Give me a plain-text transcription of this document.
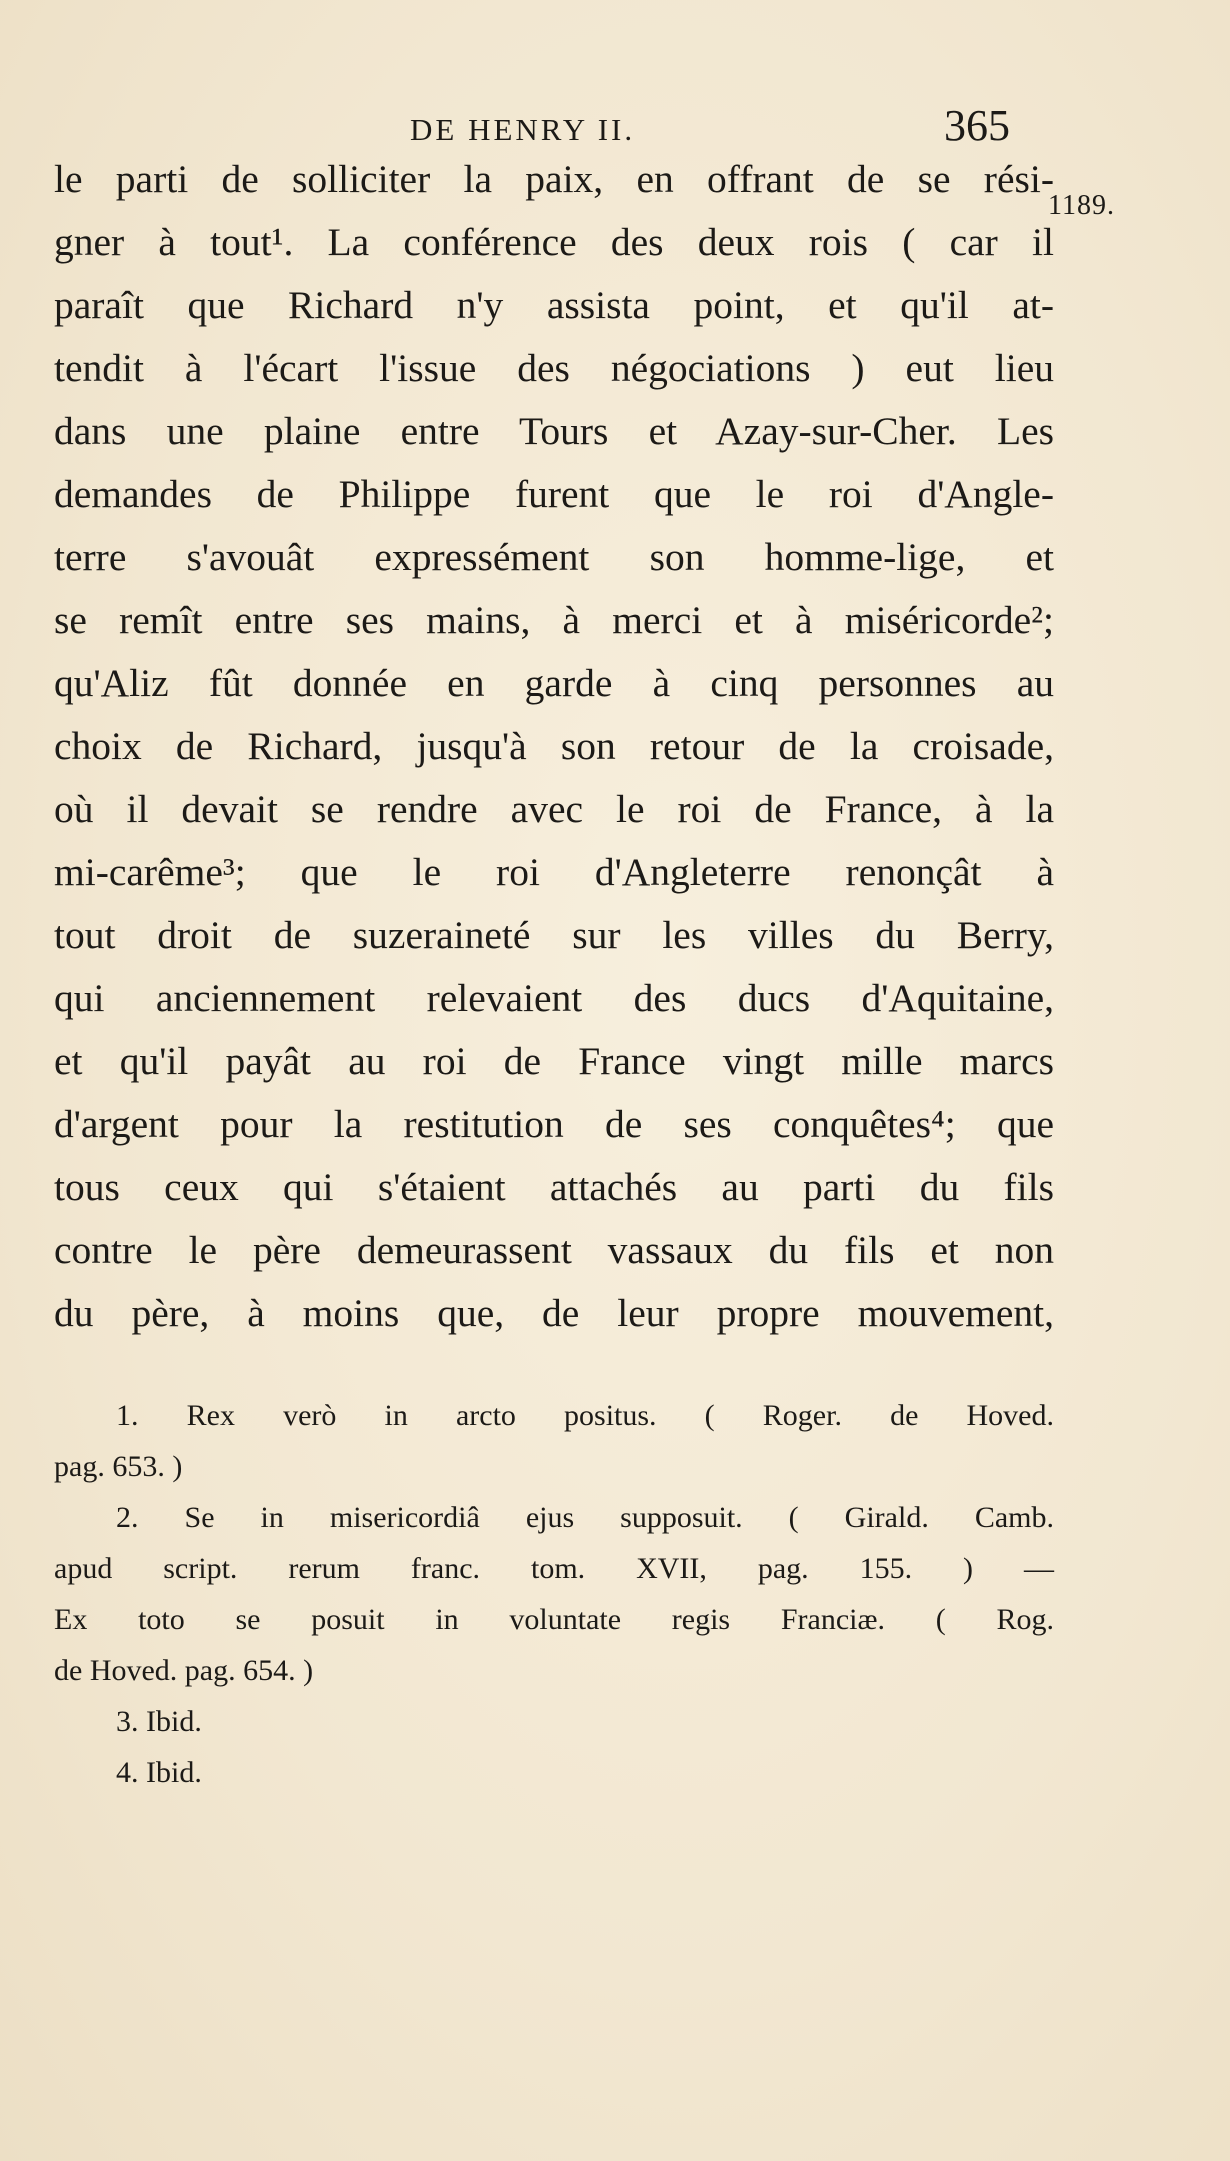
DE HENRY II.	365
1189.
le parti de solliciter la paix, en offrant de se rési-
gner à tout¹. La conférence des deux rois ( car il
paraît que Richard n'y assista point, et qu'il at-
tendit à l'écart l'issue des négociations ) eut lieu
dans une plaine entre Tours et Azay-sur-Cher. Les
demandes de Philippe furent que le roi d'Angle-
terre s'avouât expressément son homme-lige, et
se remît entre ses mains, à merci et à miséricorde²;
qu'Aliz fût donnée en garde à cinq personnes au
choix de Richard, jusqu'à son retour de la croisade,
où il devait se rendre avec le roi de France, à la
mi-carême³; que le roi d'Angleterre renonçât à
tout droit de suzeraineté sur les villes du Berry,
qui anciennement relevaient des ducs d'Aquitaine,
et qu'il payât au roi de France vingt mille marcs
d'argent pour la restitution de ses conquêtes⁴; que
tous ceux qui s'étaient attachés au parti du fils
contre le père demeurassent vassaux du fils et non
du père, à moins que, de leur propre mouvement,
1. Rex verò in arcto positus. ( Roger. de Hoved.
pag. 653. )
2. Se in misericordiâ ejus supposuit. ( Girald. Camb.
apud script. rerum franc. tom. XVII, pag. 155. ) —
Ex toto se posuit in voluntate regis Franciæ. ( Rog.
de Hoved. pag. 654. )
3. Ibid.
4. Ibid.
